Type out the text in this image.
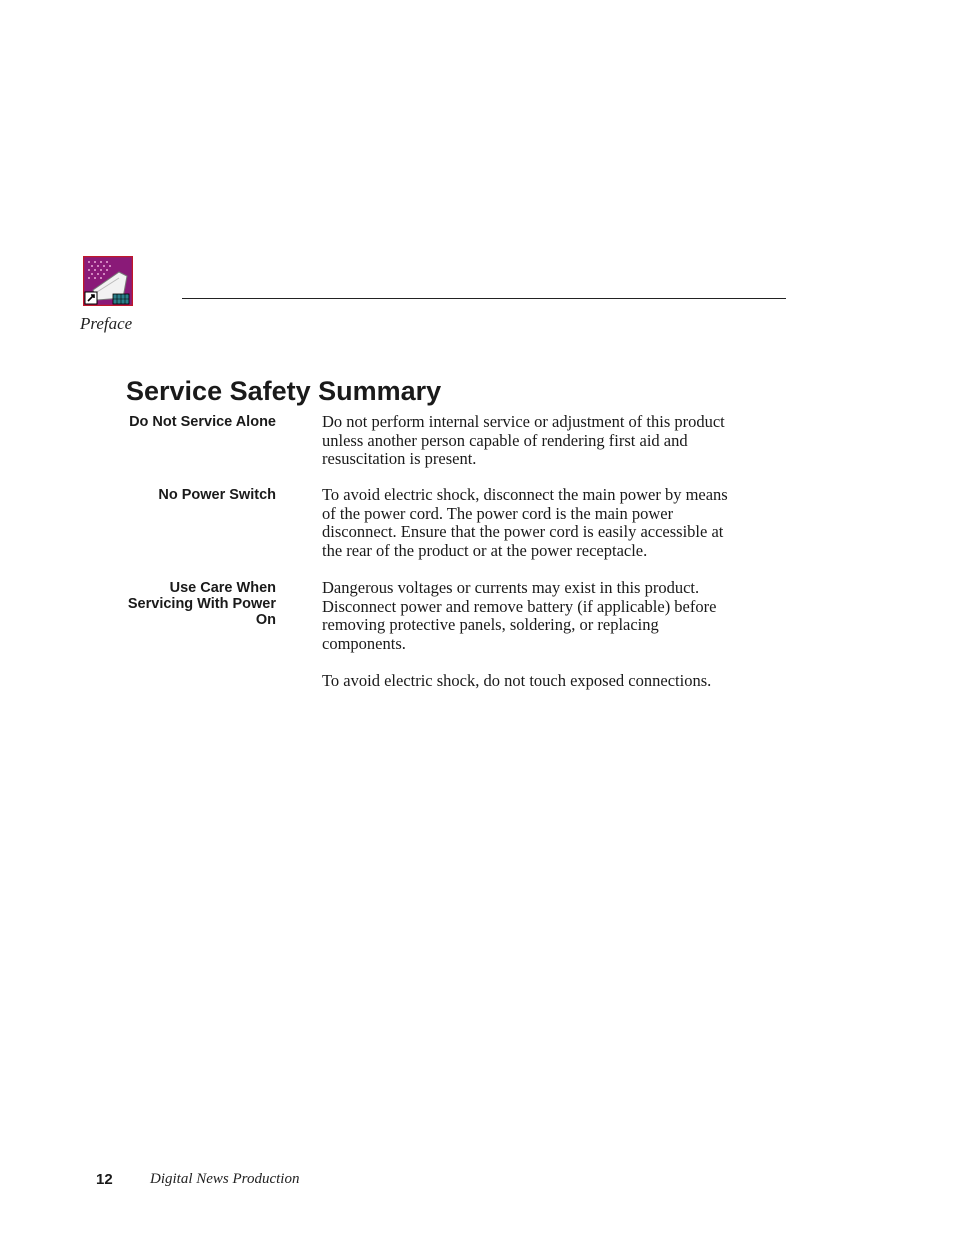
Preface
Service Safety Summary
Do Not Service Alone	Do not perform internal service or adjustment of this product unless another person capable of rendering first aid and resuscitation is present.

No Power Switch	To avoid electric shock, disconnect the main power by means of the power cord. The power cord is the main power disconnect. Ensure that the power cord is easily accessible at the rear of the product or at the power receptacle.

Use Care When Servicing With Power On

Dangerous voltages or currents may exist in this product. Disconnect power and remove battery (if applicable) before removing protective panels, soldering, or replacing components.

To avoid electric shock, do not touch exposed connections.

12 Digital News Production
